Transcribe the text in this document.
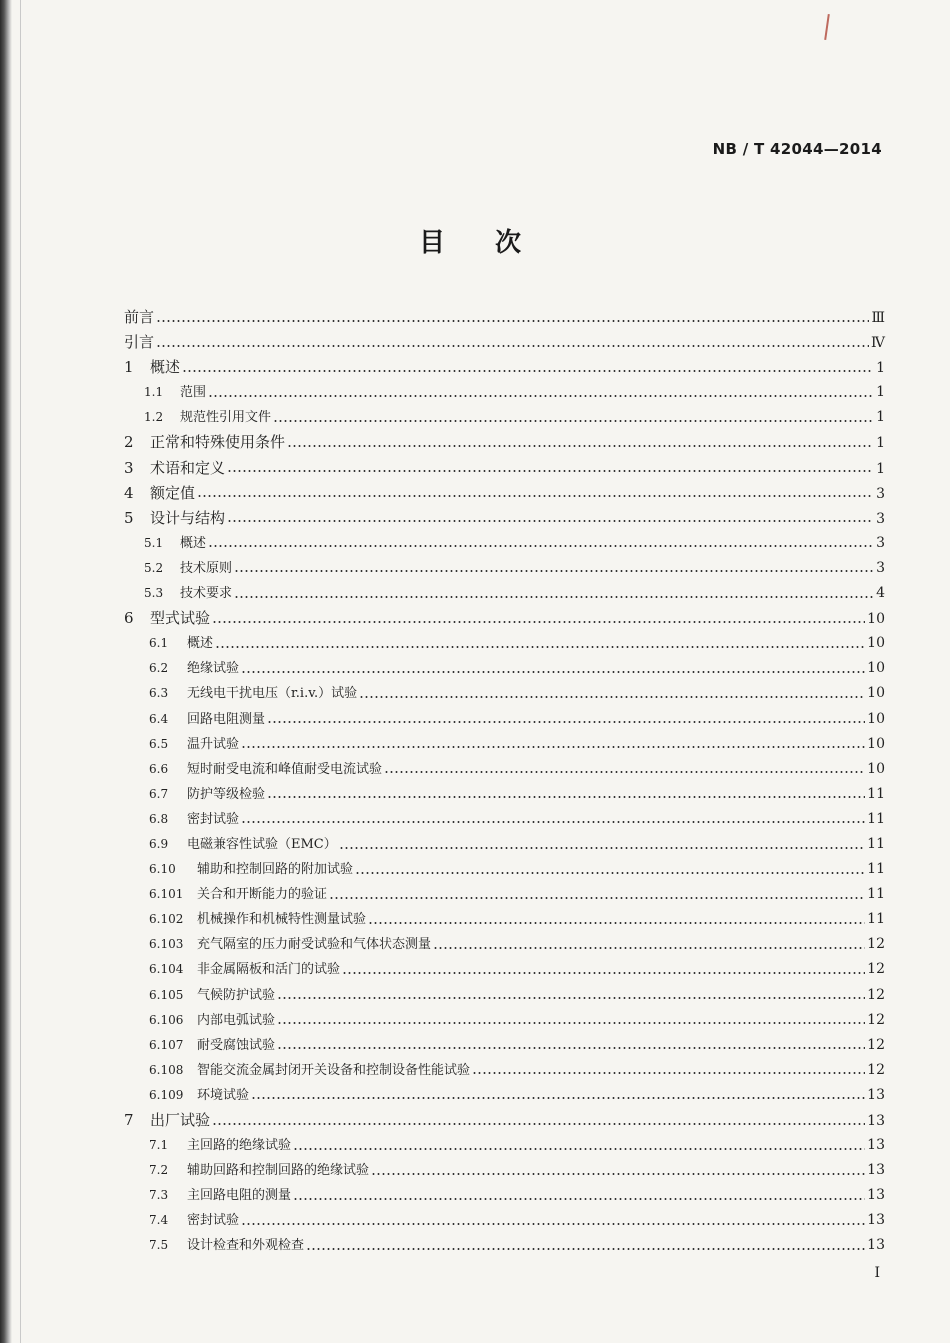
NB / T 42044—2014
目次
前言	Ⅲ
引言	Ⅳ
1	概述	1
1.1	范围	1
1.2	规范性引用文件	1
2	正常和特殊使用条件	1
3	术语和定义	1
4	额定值	3
5	设计与结构	3
5.1	概述	3
5.2	技术原则	3
5.3	技术要求	4
6	型式试验	10
6.1	概述	10
6.2	绝缘试验	10
6.3	无线电干扰电压（r.i.v.）试验	10
6.4	回路电阻测量	10
6.5	温升试验	10
6.6	短时耐受电流和峰值耐受电流试验	10
6.7	防护等级检验	11
6.8	密封试验	11
6.9	电磁兼容性试验（EMC）	11
6.10	辅助和控制回路的附加试验	11
6.101	关合和开断能力的验证	11
6.102	机械操作和机械特性测量试验	11
6.103	充气隔室的压力耐受试验和气体状态测量	12
6.104	非金属隔板和活门的试验	12
6.105	气候防护试验	12
6.106	内部电弧试验	12
6.107	耐受腐蚀试验	12
6.108	智能交流金属封闭开关设备和控制设备性能试验	12
6.109	环境试验	13
7	出厂试验	13
7.1	主回路的绝缘试验	13
7.2	辅助回路和控制回路的绝缘试验	13
7.3	主回路电阻的测量	13
7.4	密封试验	13
7.5	设计检查和外观检查	13
I
